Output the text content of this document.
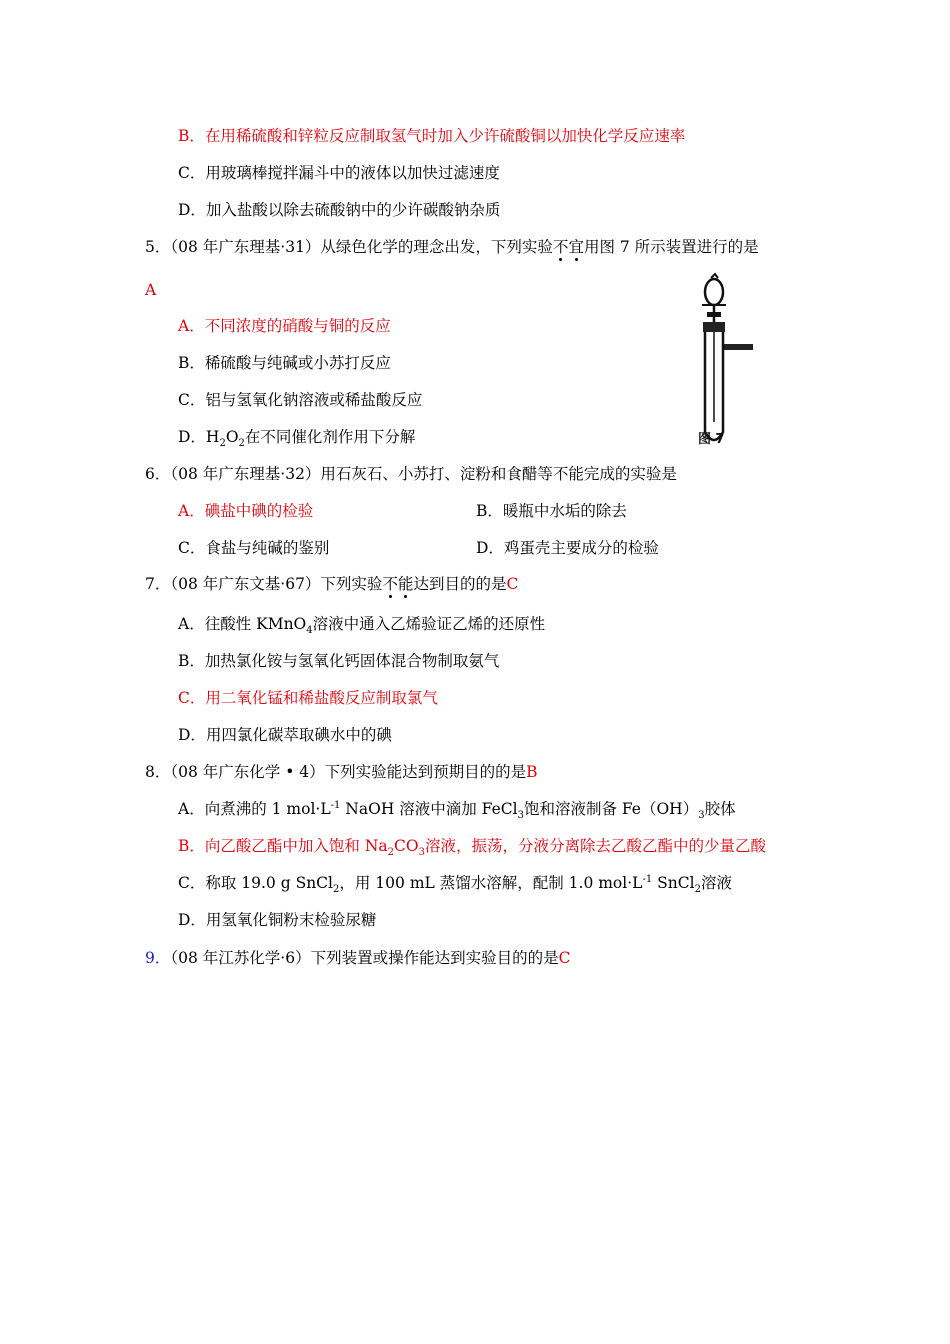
B．在用稀硫酸和锌粒反应制取氢气时加入少许硫酸铜以加快化学反应速率
C．用玻璃棒搅拌漏斗中的液体以加快过滤速度
D．加入盐酸以除去硫酸钠中的少许碳酸钠杂质
5．（08 年广东理基·31）从绿色化学的理念出发，下列实验不宜用图 7 所示装置进行的是
A
A．不同浓度的硝酸与铜的反应
B．稀硫酸与纯碱或小苏打反应
C．铝与氢氧化钠溶液或稀盐酸反应
D．$H_2O_2$在不同催化剂作用下分解	图 7
6．（08 年广东理基·32）用石灰石、小苏打、淀粉和食醋等不能完成的实验是
A．碘盐中碘的检验	B．暖瓶中水垢的除去
C．食盐与纯碱的鉴别	D．鸡蛋壳主要成分的检验
7．（08 年广东文基·67）下列实验不能达到目的的是C
A．往酸性 KMnO$_4$溶液中通入乙烯验证乙烯的还原性
B．加热氯化铵与氢氧化钙固体混合物制取氨气
C．用二氧化锰和稀盐酸反应制取氯气
D．用四氯化碳萃取碘水中的碘
8．（08 年广东化学 • 4）下列实验能达到预期目的的是B
A．向煮沸的 1 $mol\cdot L^{-1}$ NaOH 溶液中滴加 FeCl$_3$饱和溶液制备 $Fe(OH)_3$胶体
B．向乙酸乙酯中加入饱和 $Na_2CO_3$溶液，振荡，分液分离除去乙酸乙酯中的少量乙酸
C．称取 19.0 g SnCl$_2$，用 100 mL 蒸馏水溶解，配制 1.0 $mol\cdot L^{-1}$ SnCl$_2$溶液
D．用氢氧化铜粉末检验尿糖
9．（08 年江苏化学·6）下列装置或操作能达到实验目的的是C
